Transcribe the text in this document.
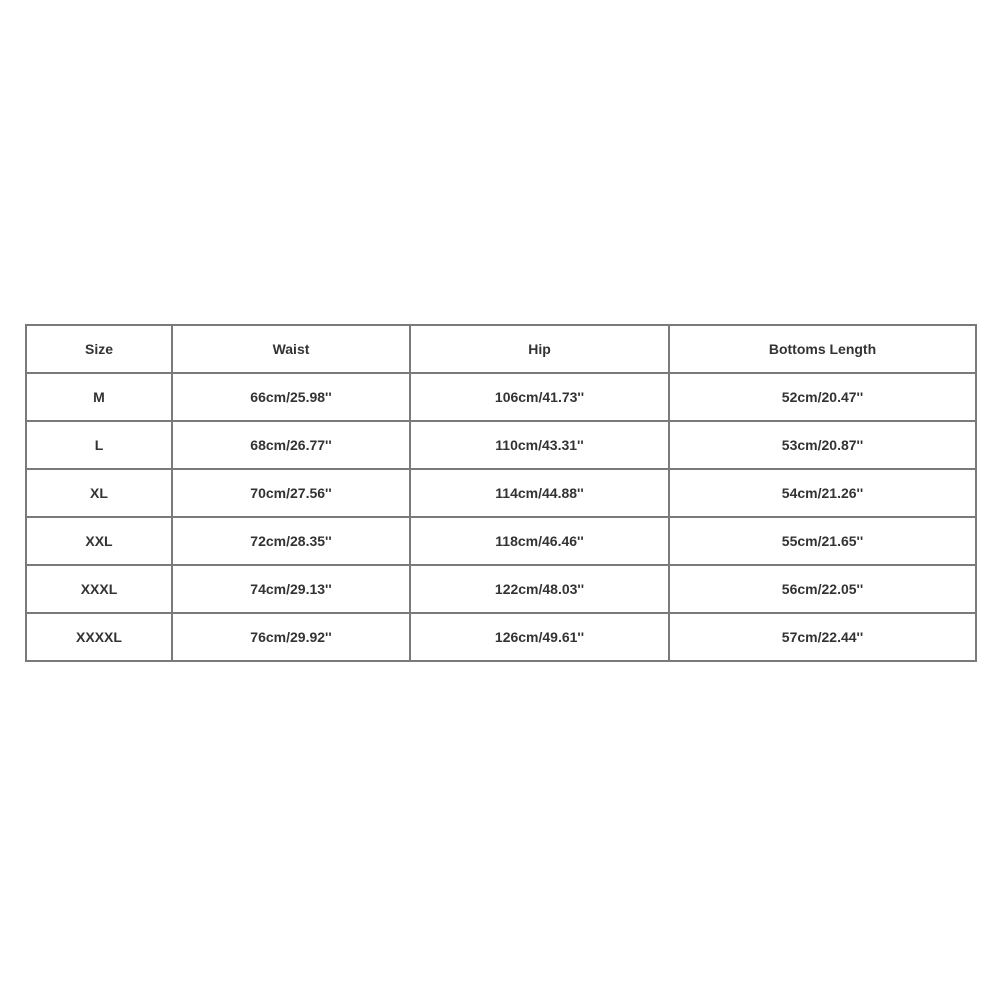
Size	Waist	Hip	Bottoms Length
M	66cm/25.98''	106cm/41.73''	52cm/20.47''
L	68cm/26.77''	110cm/43.31''	53cm/20.87''
XL	70cm/27.56''	114cm/44.88''	54cm/21.26''
XXL	72cm/28.35''	118cm/46.46''	55cm/21.65''
XXXL	74cm/29.13''	122cm/48.03''	56cm/22.05''
XXXXL	76cm/29.92''	126cm/49.61''	57cm/22.44''
